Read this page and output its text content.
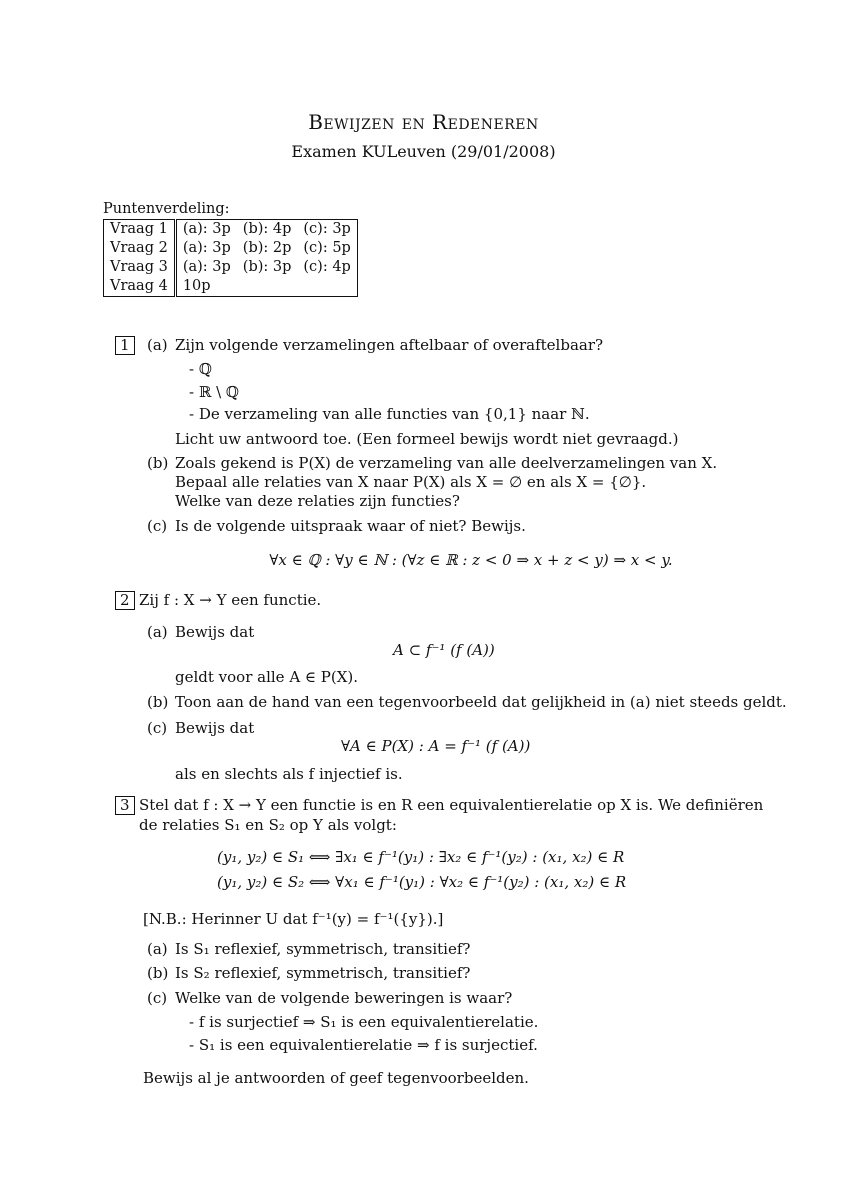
Bewijzen en Redeneren
Examen KULeuven (29/01/2008)
Puntenverdeling:
Vraag 1	(a): 3p	(b): 4p	(c): 3p
Vraag 2	(a): 3p	(b): 2p	(c): 5p
Vraag 3	(a): 3p	(b): 3p	(c): 4p
Vraag 4	10p		
1	(a) Zijn volgende verzamelingen aftelbaar of overaftelbaar?
- ℚ
- ℝ \ ℚ
- De verzameling van alle functies van {0,1} naar ℕ.
Licht uw antwoord toe. (Een formeel bewijs wordt niet gevraagd.)
(b) Zoals gekend is P(X) de verzameling van alle deelverzamelingen van X.
Bepaal alle relaties van X naar P(X) als X = ∅ en als X = {∅}.
Welke van deze relaties zijn functies?
(c) Is de volgende uitspraak waar of niet? Bewijs.
∀x ∈ ℚ : ∀y ∈ ℕ : (∀z ∈ ℝ : z < 0 ⇒ x + z < y) ⇒ x < y.
2 Zij f : X → Y een functie.
(a) Bewijs dat
A ⊂ f⁻¹ (f (A))
geldt voor alle A ∈ P(X).
(b) Toon aan de hand van een tegenvoorbeeld dat gelijkheid in (a) niet steeds geldt.
(c) Bewijs dat
∀A ∈ P(X) : A = f⁻¹ (f (A))
als en slechts als f injectief is.
3 Stel dat f : X → Y een functie is en R een equivalentierelatie op X is. We definiëren
de relaties S₁ en S₂ op Y als volgt:
(y₁, y₂) ∈ S₁ ⟺ ∃x₁ ∈ f⁻¹(y₁) : ∃x₂ ∈ f⁻¹(y₂) : (x₁, x₂) ∈ R
(y₁, y₂) ∈ S₂ ⟺ ∀x₁ ∈ f⁻¹(y₁) : ∀x₂ ∈ f⁻¹(y₂) : (x₁, x₂) ∈ R
[N.B.: Herinner U dat f⁻¹(y) = f⁻¹({y}).]
(a) Is S₁ reflexief, symmetrisch, transitief?
(b) Is S₂ reflexief, symmetrisch, transitief?
(c) Welke van de volgende beweringen is waar?
- f is surjectief ⇒ S₁ is een equivalentierelatie.
- S₁ is een equivalentierelatie ⇒ f is surjectief.
Bewijs al je antwoorden of geef tegenvoorbeelden.
